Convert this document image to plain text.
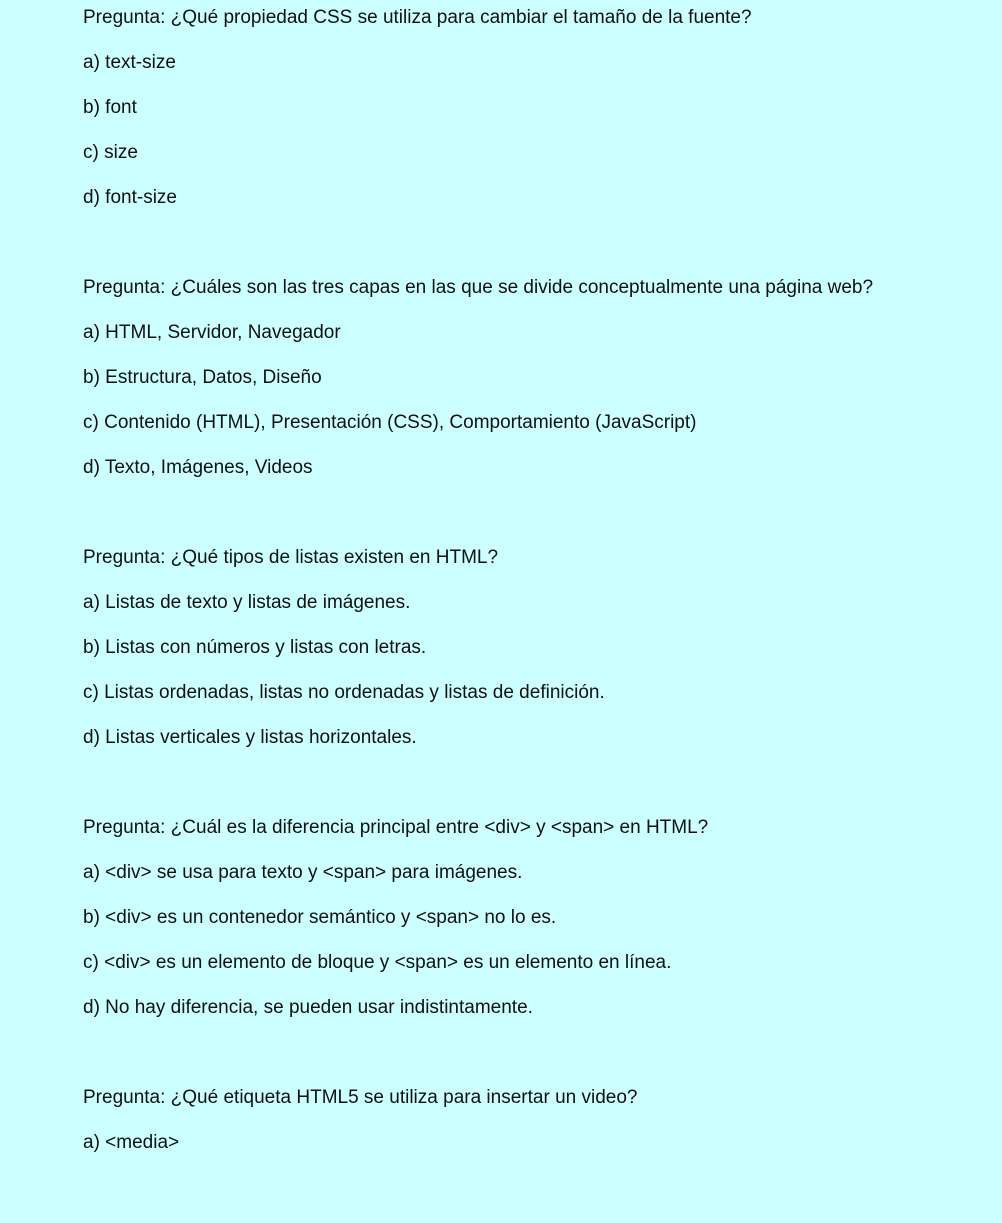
Pregunta: ¿Qué propiedad CSS se utiliza para cambiar el tamaño de la fuente?
a) text-size
b) font
c) size
d) font-size
Pregunta: ¿Cuáles son las tres capas en las que se divide conceptualmente una página web?
a) HTML, Servidor, Navegador
b) Estructura, Datos, Diseño
c) Contenido (HTML), Presentación (CSS), Comportamiento (JavaScript)
d) Texto, Imágenes, Videos
Pregunta: ¿Qué tipos de listas existen en HTML?
a) Listas de texto y listas de imágenes.
b) Listas con números y listas con letras.
c) Listas ordenadas, listas no ordenadas y listas de definición.
d) Listas verticales y listas horizontales.
Pregunta: ¿Cuál es la diferencia principal entre <div> y <span> en HTML?
a) <div> se usa para texto y <span> para imágenes.
b) <div> es un contenedor semántico y <span> no lo es.
c) <div> es un elemento de bloque y <span> es un elemento en línea.
d) No hay diferencia, se pueden usar indistintamente.
Pregunta: ¿Qué etiqueta HTML5 se utiliza para insertar un video?
a) <media>
